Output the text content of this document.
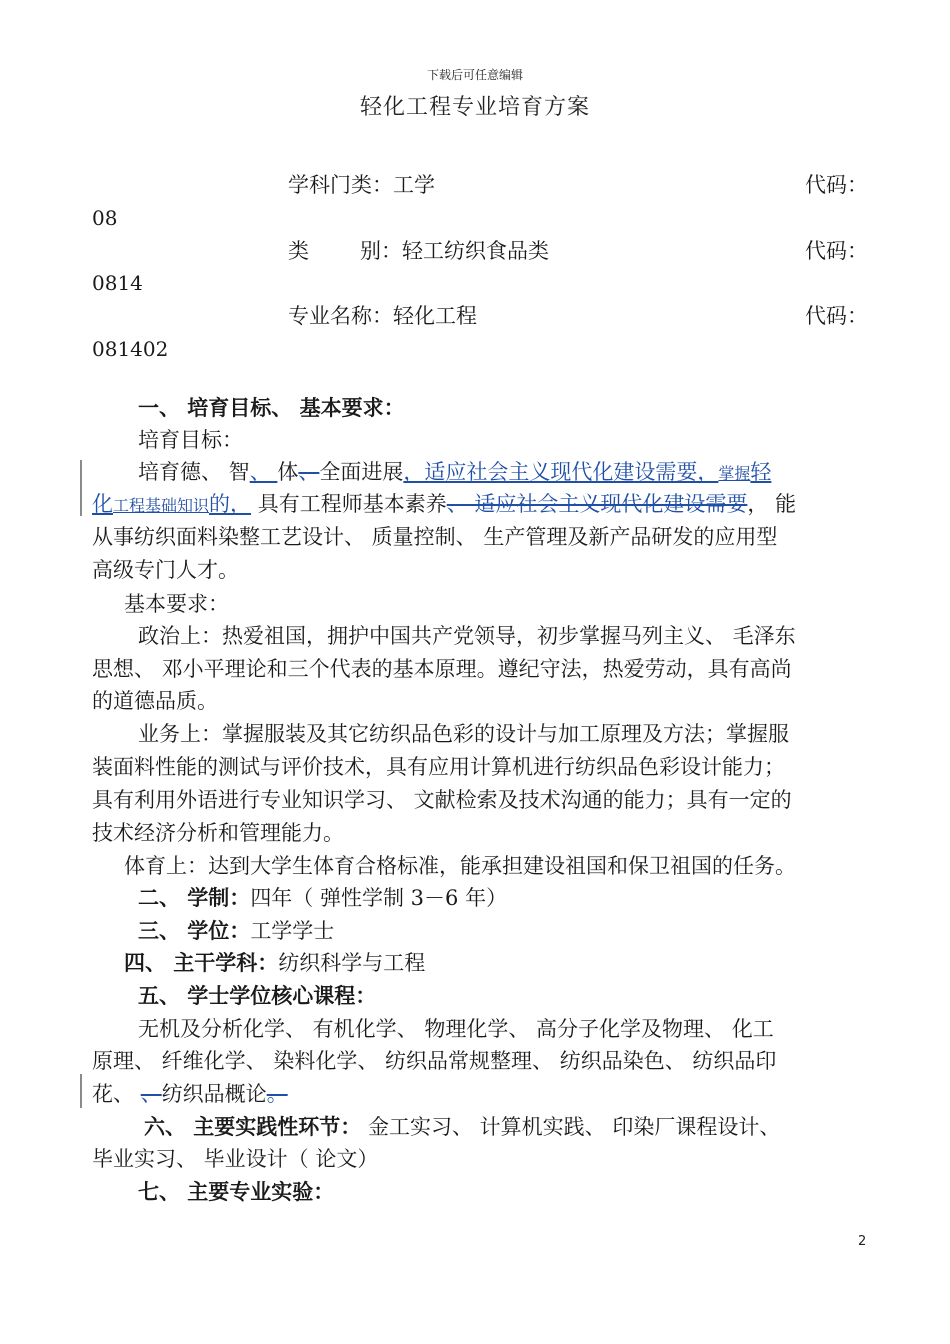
下载后可任意编辑
轻化工程专业培育方案
学科门类：工学	代码：
08
类	别：轻工纺织食品类	代码：
0814
专业名称：轻化工程	代码：
081402
一、 培育目标、 基本要求：
培育目标：
培育德、 智、 体、全面进展，适应社会主义现代化建设需要，掌握轻
化工程基础知识的， 具有工程师基本素养、 适应社会主义现代化建设需要， 能
从事纺织面料染整工艺设计、 质量控制、 生产管理及新产品研发的应用型
高级专门人才。
基本要求：
政治上：热爱祖国，拥护中国共产党领导，初步掌握马列主义、 毛泽东
思想、 邓小平理论和三个代表的基本原理。遵纪守法，热爱劳动，具有高尚
的道德品质。
业务上：掌握服装及其它纺织品色彩的设计与加工原理及方法；掌握服
装面料性能的测试与评价技术，具有应用计算机进行纺织品色彩设计能力；
具有利用外语进行专业知识学习、 文献检索及技术沟通的能力；具有一定的
技术经济分析和管理能力。
体育上：达到大学生体育合格标准，能承担建设祖国和保卫祖国的任务。
二、 学制：四年（ 弹性学制 3－6 年）
三、 学位：工学学士
四、 主干学科：纺织科学与工程
五、 学士学位核心课程：
无机及分析化学、 有机化学、 物理化学、 高分子化学及物理、 化工
原理、 纤维化学、 染料化学、 纺织品常规整理、 纺织品染色、 纺织品印
花、 、纺织品概论。
六、 主要实践性环节： 金工实习、 计算机实践、 印染厂课程设计、
毕业实习、 毕业设计（ 论文）
七、 主要专业实验：
2
